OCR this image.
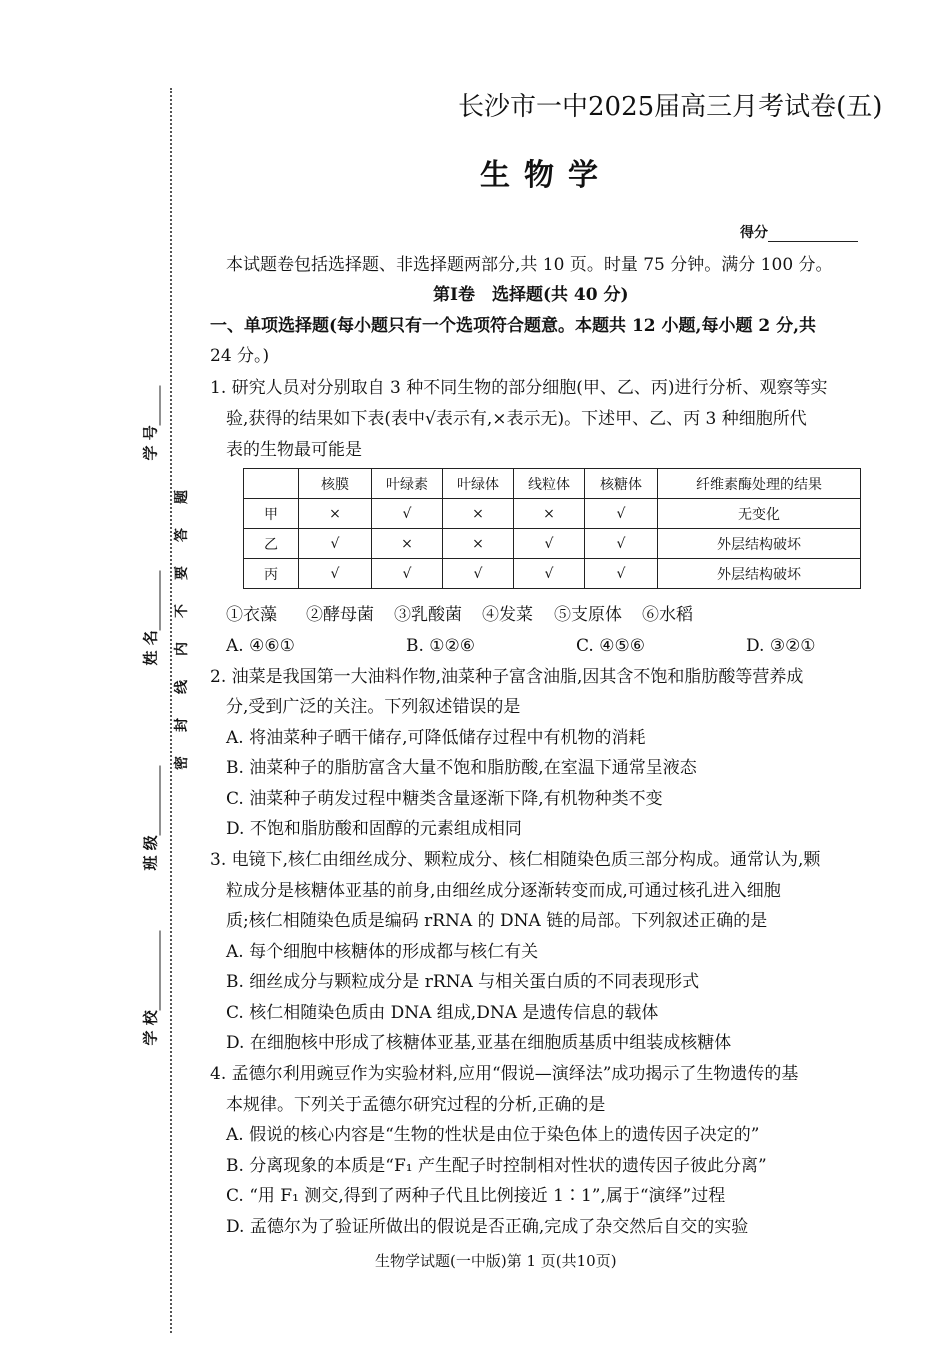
学 号
姓 名
班 级
学 校
题
答
要
不
内
线
封
密
长沙市一中2025届高三月考试卷(五)
生物学
得分
本试题卷包括选择题、非选择题两部分,共 10 页。时量 75 分钟。满分 100 分。
第Ⅰ卷　选择题(共 40 分)
一、单项选择题(每小题只有一个选项符合题意。本题共 12 小题,每小题 2 分,共
24 分。)
1. 研究人员对分别取自 3 种不同生物的部分细胞(甲、乙、丙)进行分析、观察等实
验,获得的结果如下表(表中√表示有,×表示无)。下述甲、乙、丙 3 种细胞所代
表的生物最可能是
	核膜	叶绿素	叶绿体	线粒体	核糖体	纤维素酶处理的结果
甲	×	√	×	×	√	无变化
乙	√	×	×	√	√	外层结构破坏
丙	√	√	√	√	√	外层结构破坏
①衣藻 ②酵母菌 ③乳酸菌 ④发菜 ⑤支原体 ⑥水稻
A. ④⑥①	B. ①②⑥	C. ④⑤⑥	D. ③②①
2. 油菜是我国第一大油料作物,油菜种子富含油脂,因其含不饱和脂肪酸等营养成
分,受到广泛的关注。下列叙述错误的是
A. 将油菜种子晒干储存,可降低储存过程中有机物的消耗
B. 油菜种子的脂肪富含大量不饱和脂肪酸,在室温下通常呈液态
C. 油菜种子萌发过程中糖类含量逐渐下降,有机物种类不变
D. 不饱和脂肪酸和固醇的元素组成相同
3. 电镜下,核仁由细丝成分、颗粒成分、核仁相随染色质三部分构成。通常认为,颗
粒成分是核糖体亚基的前身,由细丝成分逐渐转变而成,可通过核孔进入细胞
质;核仁相随染色质是编码 rRNA 的 DNA 链的局部。下列叙述正确的是
A. 每个细胞中核糖体的形成都与核仁有关
B. 细丝成分与颗粒成分是 rRNA 与相关蛋白质的不同表现形式
C. 核仁相随染色质由 DNA 组成,DNA 是遗传信息的载体
D. 在细胞核中形成了核糖体亚基,亚基在细胞质基质中组装成核糖体
4. 孟德尔利用豌豆作为实验材料,应用“假说—演绎法”成功揭示了生物遗传的基
本规律。下列关于孟德尔研究过程的分析,正确的是
A. 假说的核心内容是“生物的性状是由位于染色体上的遗传因子决定的”
B. 分离现象的本质是“F₁ 产生配子时控制相对性状的遗传因子彼此分离”
C. “用 F₁ 测交,得到了两种子代且比例接近 1∶1”,属于“演绎”过程
D. 孟德尔为了验证所做出的假说是否正确,完成了杂交然后自交的实验
生物学试题(一中版)第 1 页(共10页)
